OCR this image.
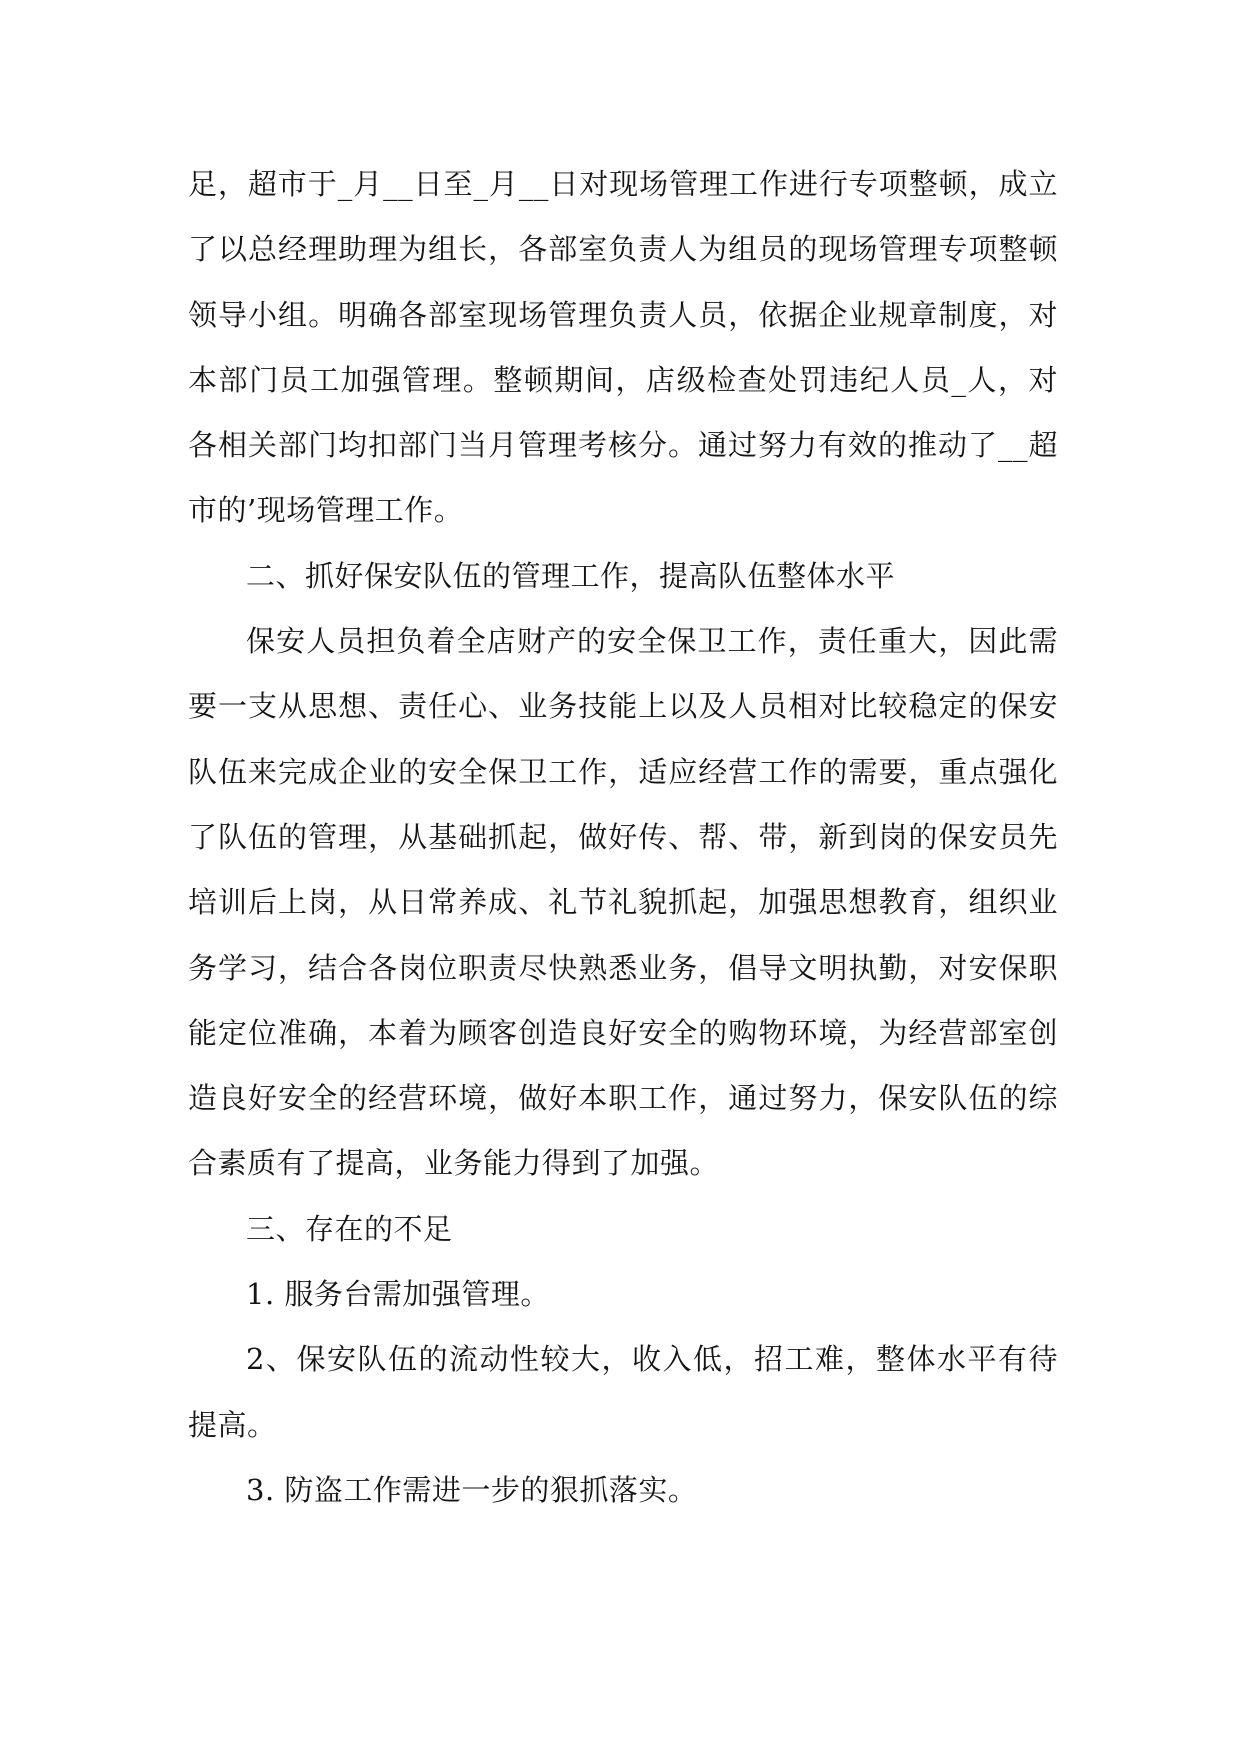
足，超市于_月__日至_月__日对现场管理工作进行专项整顿，成立了以总经理助理为组长，各部室负责人为组员的现场管理专项整顿领导小组。明确各部室现场管理负责人员，依据企业规章制度，对本部门员工加强管理。整顿期间，店级检查处罚违纪人员_人，对各相关部门均扣部门当月管理考核分。通过努力有效的推动了__超市的’现场管理工作。

二、抓好保安队伍的管理工作，提高队伍整体水平

保安人员担负着全店财产的安全保卫工作，责任重大，因此需要一支从思想、责任心、业务技能上以及人员相对比较稳定的保安队伍来完成企业的安全保卫工作，适应经营工作的需要，重点强化了队伍的管理，从基础抓起，做好传、帮、带，新到岗的保安员先培训后上岗，从日常养成、礼节礼貌抓起，加强思想教育，组织业务学习，结合各岗位职责尽快熟悉业务，倡导文明执勤，对安保职能定位准确，本着为顾客创造良好安全的购物环境，为经营部室创造良好安全的经营环境，做好本职工作，通过努力，保安队伍的综合素质有了提高，业务能力得到了加强。

三、存在的不足

1. 服务台需加强管理。

2、保安队伍的流动性较大，收入低，招工难，整体水平有待提高。

3. 防盗工作需进一步的狠抓落实。
